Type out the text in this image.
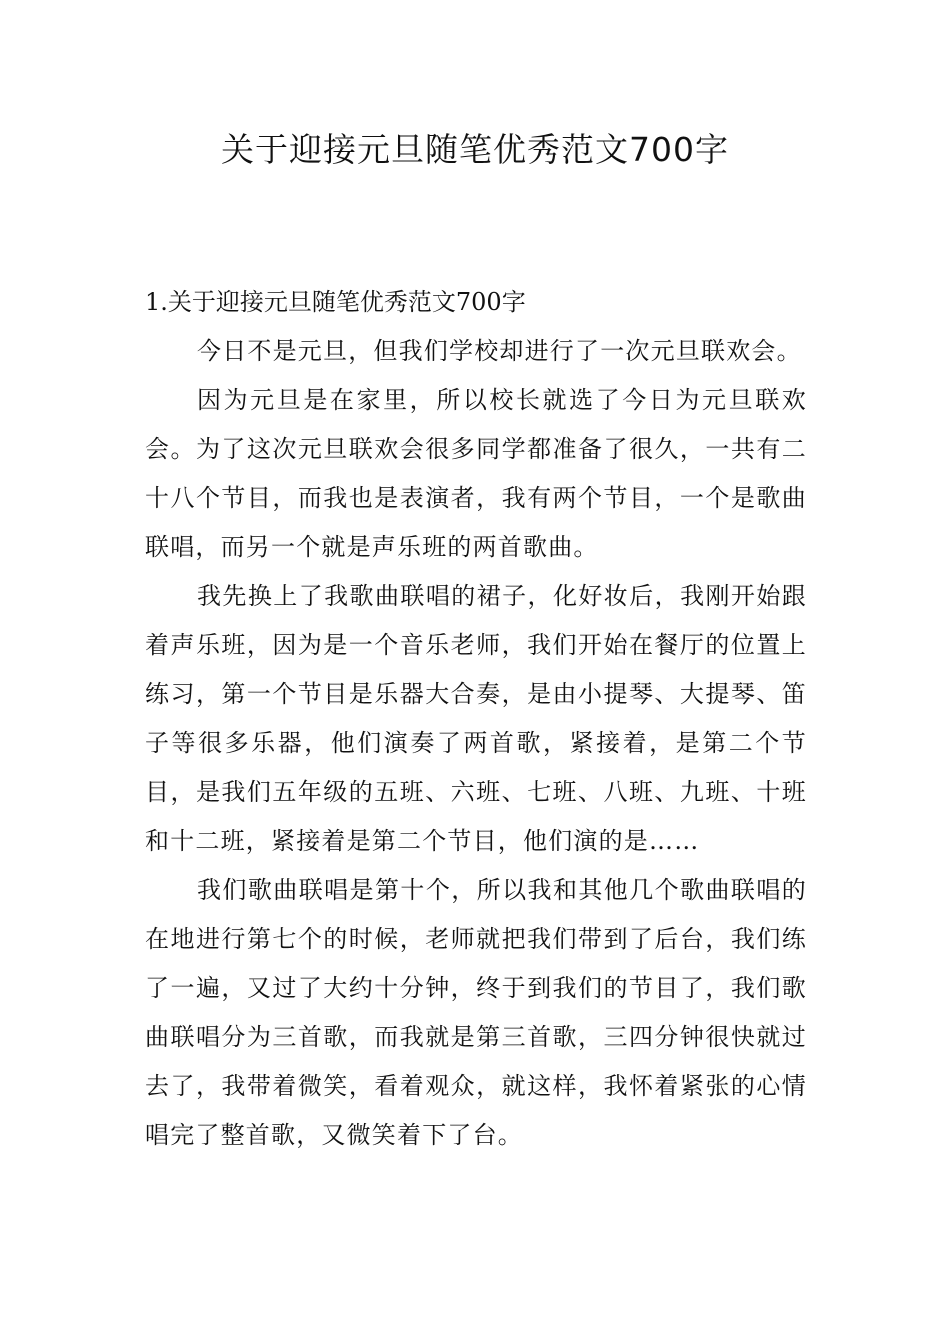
关于迎接元旦随笔优秀范文700字

1.关于迎接元旦随笔优秀范文700字

今日不是元旦，但我们学校却进行了一次元旦联欢会。

因为元旦是在家里，所以校长就选了今日为元旦联欢会。为了这次元旦联欢会很多同学都准备了很久，一共有二十八个节目，而我也是表演者，我有两个节目，一个是歌曲联唱，而另一个就是声乐班的两首歌曲。

我先换上了我歌曲联唱的裙子，化好妆后，我刚开始跟着声乐班，因为是一个音乐老师，我们开始在餐厅的位置上练习，第一个节目是乐器大合奏，是由小提琴、大提琴、笛子等很多乐器，他们演奏了两首歌，紧接着，是第二个节目，是我们五年级的五班、六班、七班、八班、九班、十班和十二班，紧接着是第二个节目，他们演的是……

我们歌曲联唱是第十个，所以我和其他几个歌曲联唱的在地进行第七个的时候，老师就把我们带到了后台，我们练了一遍，又过了大约十分钟，终于到我们的节目了，我们歌曲联唱分为三首歌，而我就是第三首歌，三四分钟很快就过去了，我带着微笑，看着观众，就这样，我怀着紧张的心情唱完了整首歌，又微笑着下了台。
